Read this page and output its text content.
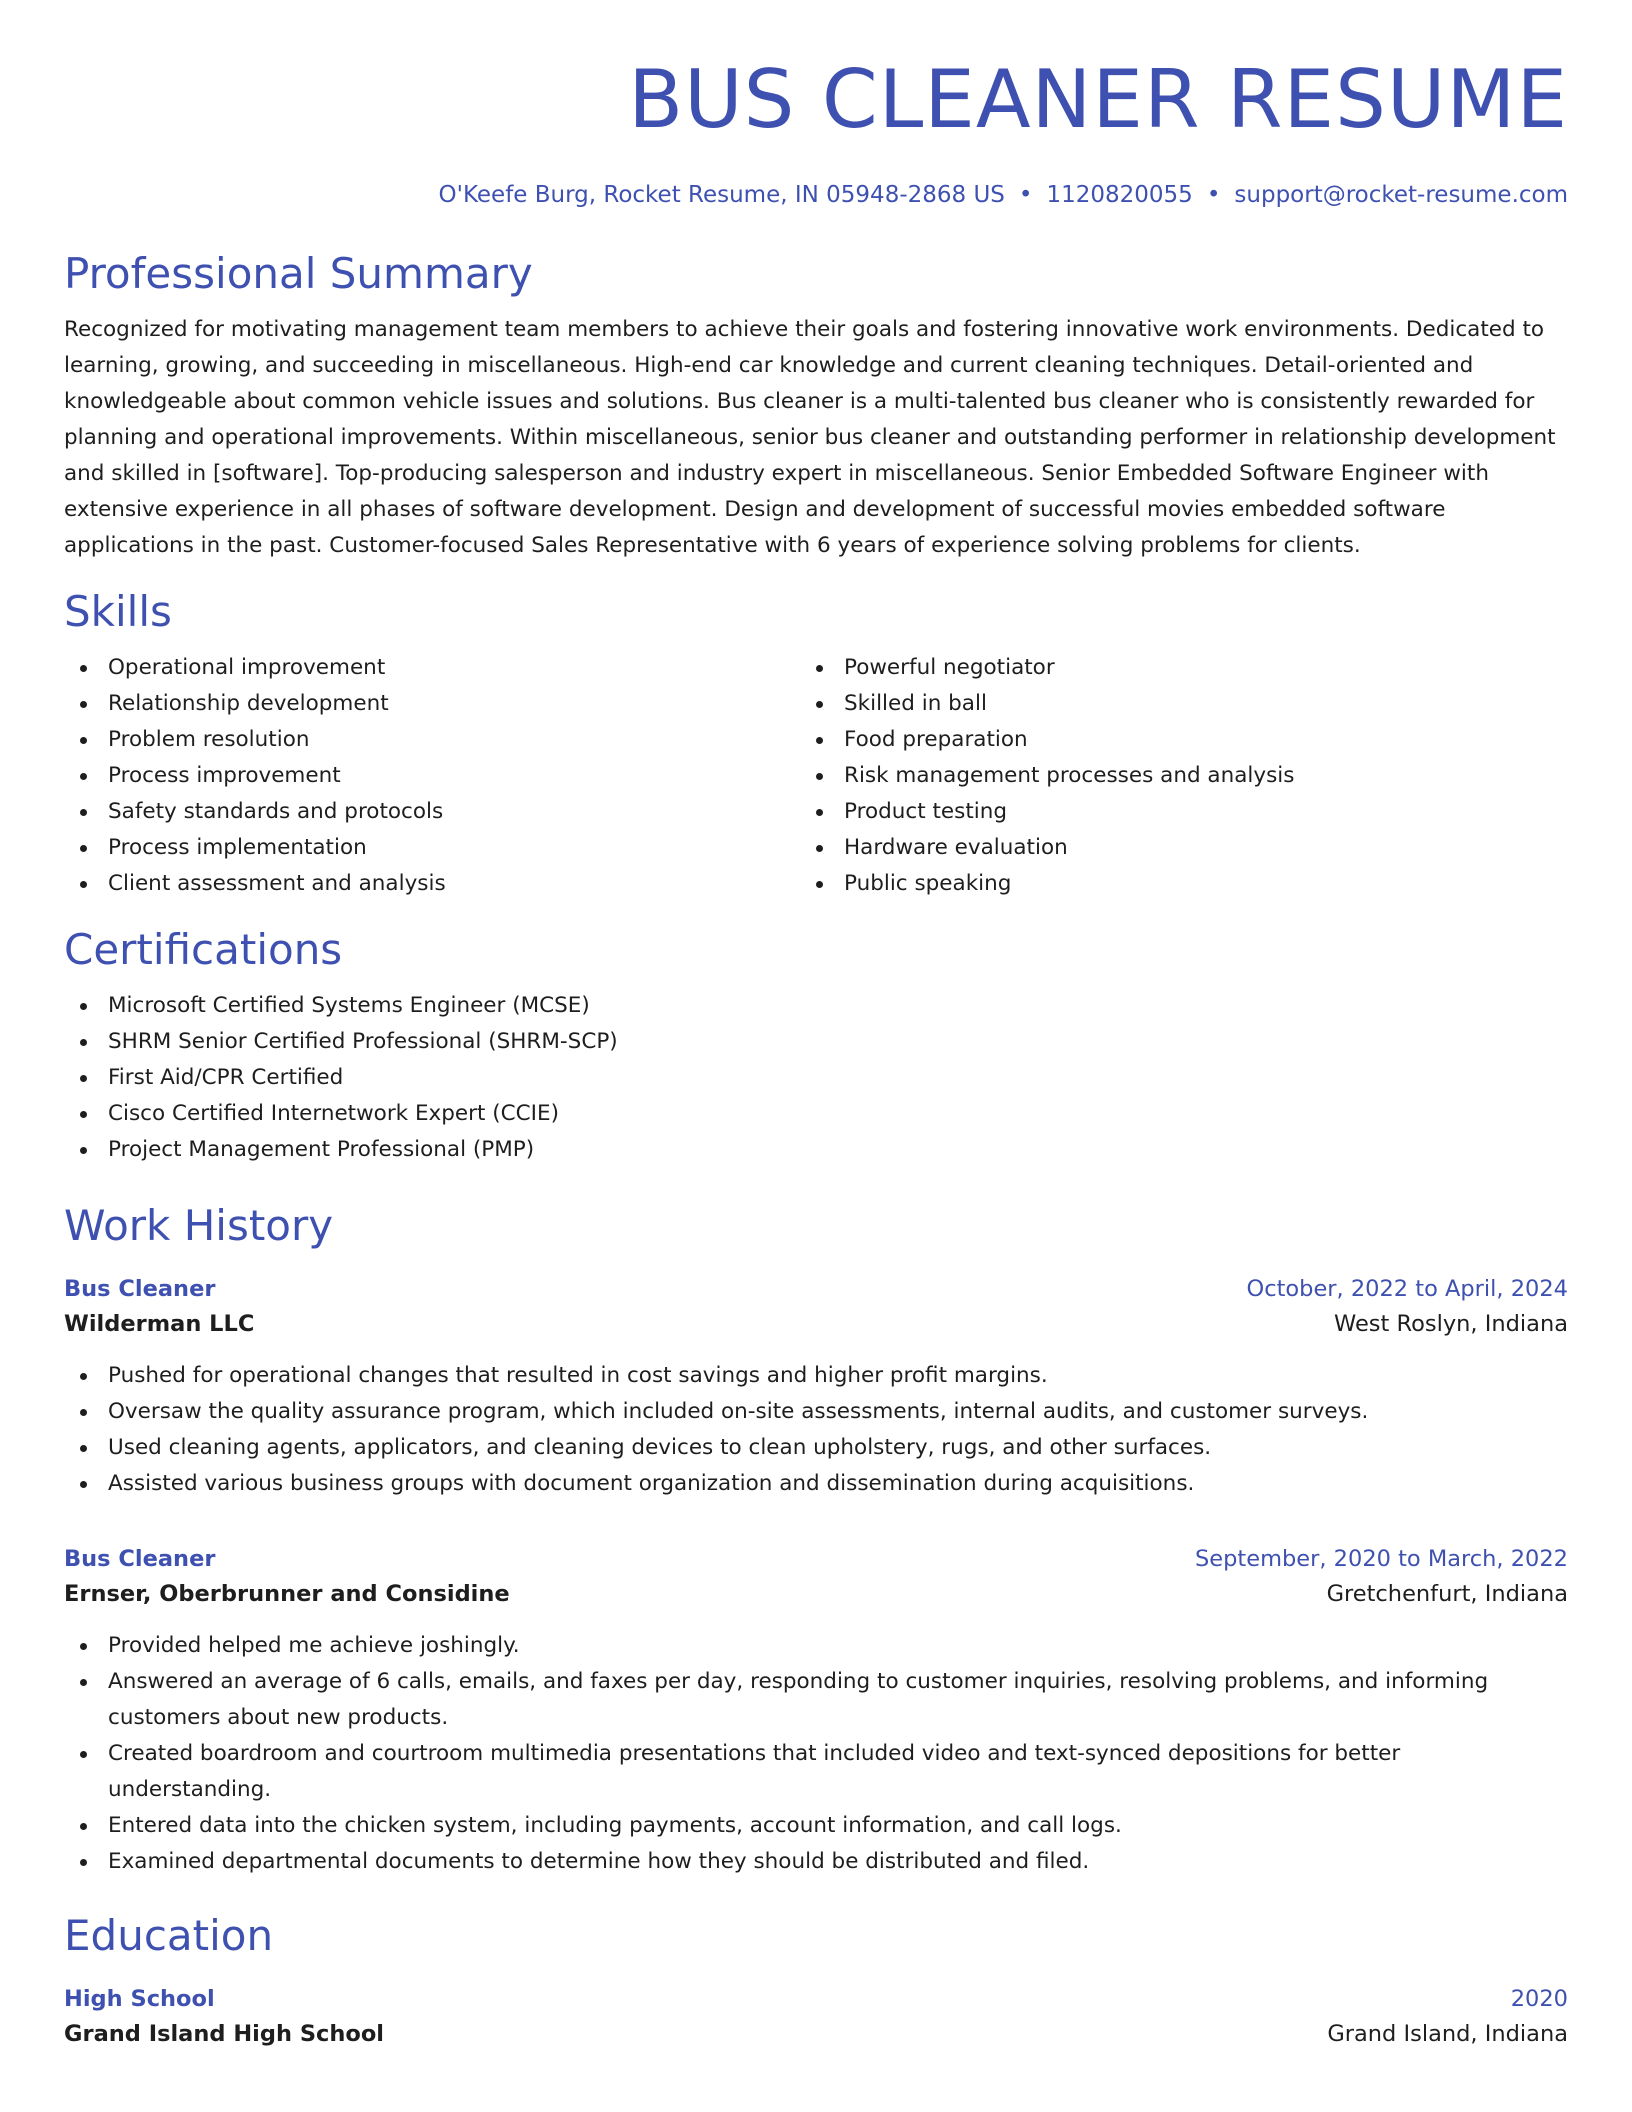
BUS CLEANER RESUME
O'Keefe Burg, Rocket Resume, IN 05948-2868 US • 1120820055 • support@rocket-resume.com
Professional Summary

Recognized for motivating management team members to achieve their goals and fostering innovative work environments. Dedicated to learning, growing, and succeeding in miscellaneous. High-end car knowledge and current cleaning techniques. Detail-oriented and knowledgeable about common vehicle issues and solutions. Bus cleaner is a multi-talented bus cleaner who is consistently rewarded for planning and operational improvements. Within miscellaneous, senior bus cleaner and outstanding performer in relationship development and skilled in [software]. Top-producing salesperson and industry expert in miscellaneous. Senior Embedded Software Engineer with extensive experience in all phases of software development. Design and development of successful movies embedded software applications in the past. Customer-focused Sales Representative with 6 years of experience solving problems for clients.

Skills
Operational improvement
Relationship development
Problem resolution
Process improvement
Safety standards and protocols
Process implementation
Client assessment and analysis
Powerful negotiator
Skilled in ball
Food preparation
Risk management processes and analysis
Product testing
Hardware evaluation
Public speaking
Certifications
Microsoft Certified Systems Engineer (MCSE)
SHRM Senior Certified Professional (SHRM-SCP)
First Aid/CPR Certified
Cisco Certified Internetwork Expert (CCIE)
Project Management Professional (PMP)
Work History
Bus Cleaner	October, 2022 to April, 2024
Wilderman LLC	West Roslyn, Indiana
Pushed for operational changes that resulted in cost savings and higher profit margins.
Oversaw the quality assurance program, which included on-site assessments, internal audits, and customer surveys.
Used cleaning agents, applicators, and cleaning devices to clean upholstery, rugs, and other surfaces.
Assisted various business groups with document organization and dissemination during acquisitions.
Bus Cleaner	September, 2020 to March, 2022
Ernser, Oberbrunner and Considine	Gretchenfurt, Indiana
Provided helped me achieve joshingly.
Answered an average of 6 calls, emails, and faxes per day, responding to customer inquiries, resolving problems, and informing customers about new products.
Created boardroom and courtroom multimedia presentations that included video and text-synced depositions for better understanding.
Entered data into the chicken system, including payments, account information, and call logs.
Examined departmental documents to determine how they should be distributed and filed.
Education
High School	2020
Grand Island High School	Grand Island, Indiana
